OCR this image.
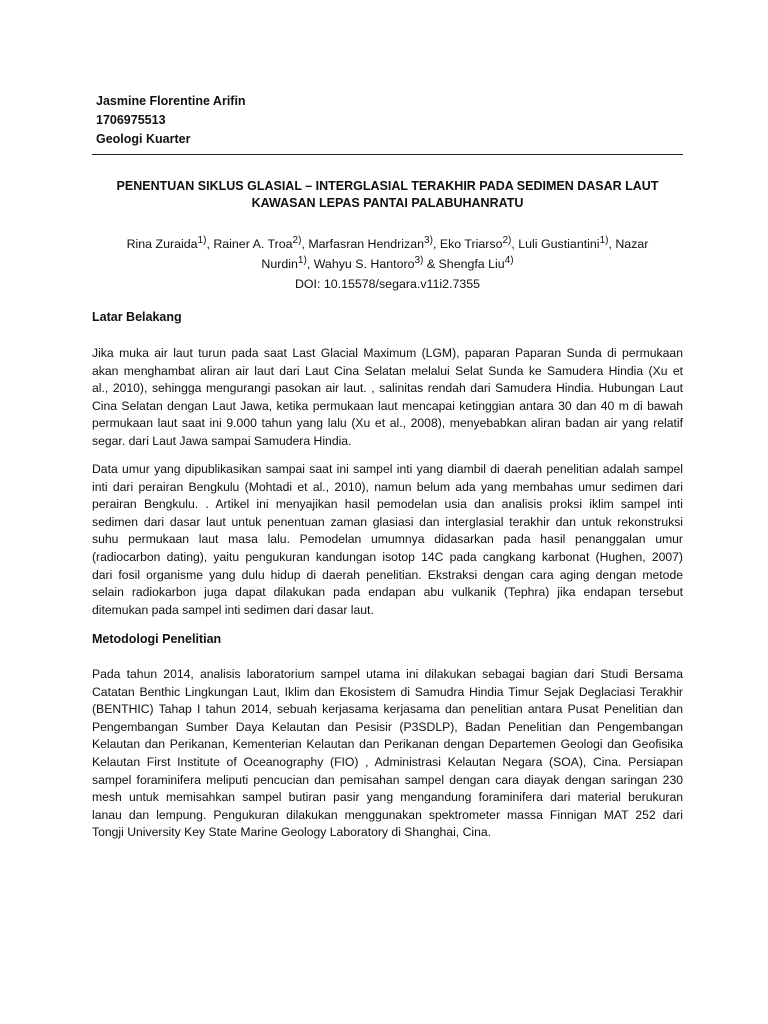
Jasmine Florentine Arifin
1706975513
Geologi Kuarter
PENENTUAN SIKLUS GLASIAL – INTERGLASIAL TERAKHIR PADA SEDIMEN DASAR LAUT
KAWASAN LEPAS PANTAI PALABUHANRATU
Rina Zuraida$^{1)}$, Rainer A. Troa$^{2)}$, Marfasran Hendrizan$^{3)}$, Eko Triarso$^{2)}$, Luli Gustiantini$^{1)}$, Nazar
Nurdin$^{1)}$, Wahyu S. Hantoro$^{3)}$ & Shengfa Liu$^{4)}$
DOI: 10.15578/segara.v11i2.7355
Latar Belakang
Jika muka air laut turun pada saat Last Glacial Maximum (LGM), paparan Paparan Sunda di permukaan
akan menghambat aliran air laut dari Laut Cina Selatan melalui Selat Sunda ke Samudera Hindia (Xu et
al., 2010), sehingga mengurangi pasokan air laut. , salinitas rendah dari Samudera Hindia. Hubungan Laut
Cina Selatan dengan Laut Jawa, ketika permukaan laut mencapai ketinggian antara 30 dan 40 m di bawah
permukaan laut saat ini 9.000 tahun yang lalu (Xu et al., 2008), menyebabkan aliran badan air yang relatif
segar. dari Laut Jawa sampai Samudera Hindia.
Data umur yang dipublikasikan sampai saat ini sampel inti yang diambil di daerah penelitian adalah sampel
inti dari perairan Bengkulu (Mohtadi et al., 2010), namun belum ada yang membahas umur sedimen dari
perairan Bengkulu. . Artikel ini menyajikan hasil pemodelan usia dan analisis proksi iklim sampel inti
sedimen dari dasar laut untuk penentuan zaman glasiasi dan interglasial terakhir dan untuk rekonstruksi
suhu permukaan laut masa lalu. Pemodelan umumnya didasarkan pada hasil penanggalan umur
(radiocarbon dating), yaitu pengukuran kandungan isotop 14C pada cangkang karbonat (Hughen, 2007)
dari fosil organisme yang dulu hidup di daerah penelitian. Ekstraksi dengan cara aging dengan metode
selain radiokarbon juga dapat dilakukan pada endapan abu vulkanik (Tephra) jika endapan tersebut
ditemukan pada sampel inti sedimen dari dasar laut.
Metodologi Penelitian
Pada tahun 2014, analisis laboratorium sampel utama ini dilakukan sebagai bagian dari Studi Bersama
Catatan Benthic Lingkungan Laut, Iklim dan Ekosistem di Samudra Hindia Timur Sejak Deglaciasi Terakhir
(BENTHIC) Tahap I tahun 2014, sebuah kerjasama kerjasama dan penelitian antara Pusat Penelitian dan
Pengembangan Sumber Daya Kelautan dan Pesisir (P3SDLP), Badan Penelitian dan Pengembangan
Kelautan dan Perikanan, Kementerian Kelautan dan Perikanan dengan Departemen Geologi dan Geofisika
Kelautan First Institute of Oceanography (FIO) , Administrasi Kelautan Negara (SOA), Cina. Persiapan
sampel foraminifera meliputi pencucian dan pemisahan sampel dengan cara diayak dengan saringan 230
mesh untuk memisahkan sampel butiran pasir yang mengandung foraminifera dari material berukuran
lanau dan lempung. Pengukuran dilakukan menggunakan spektrometer massa Finnigan MAT 252 dari
Tongji University Key State Marine Geology Laboratory di Shanghai, Cina.
